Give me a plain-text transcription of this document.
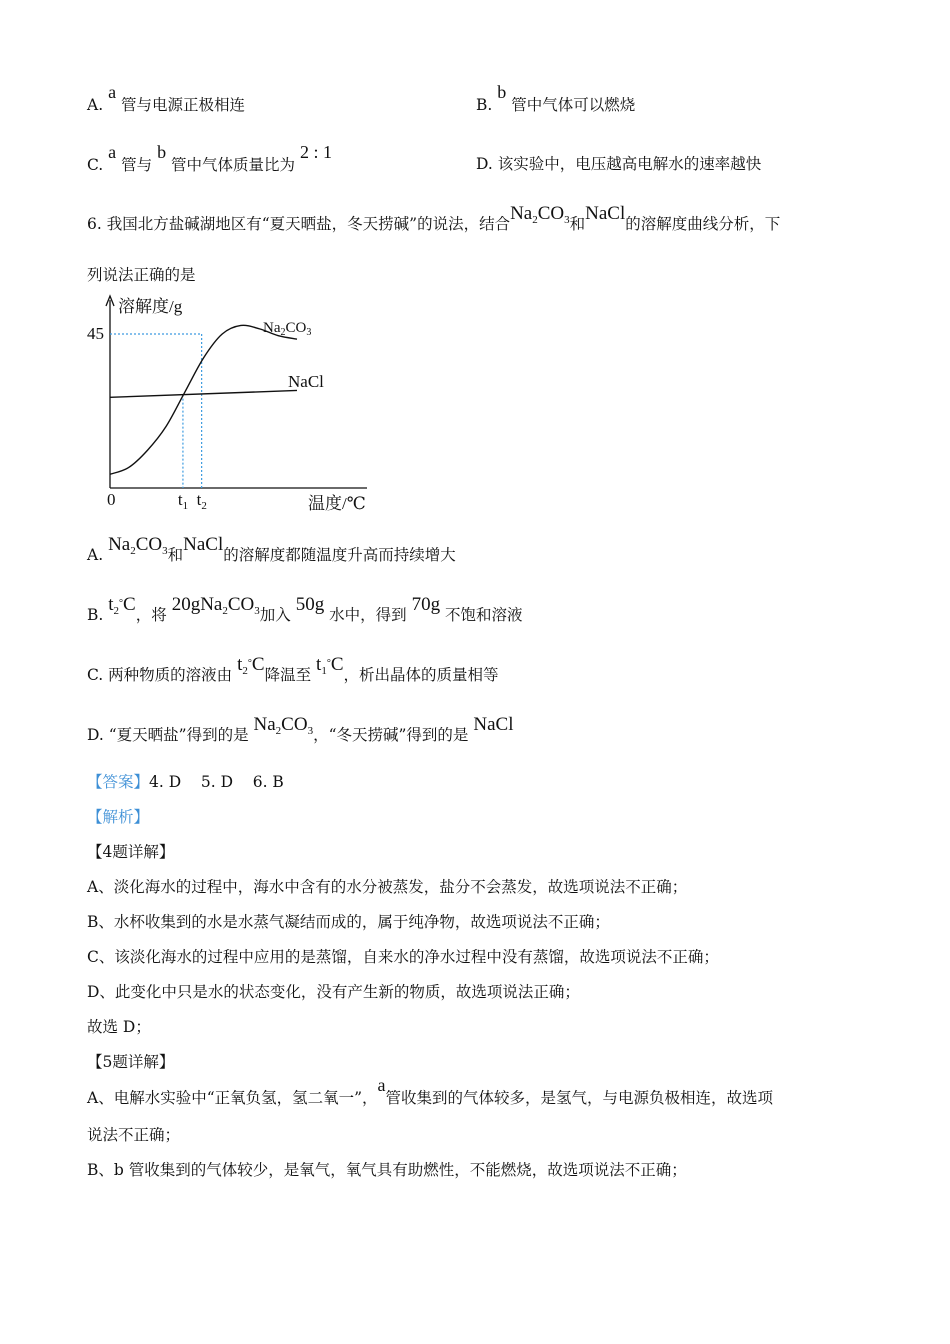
A. a 管与电源正极相连	B. b 管中气体可以燃烧
C. a 管与 b 管中气体质量比为 2 : 1
D. 该实验中，电压越高电解水的速率越快
6. 我国北方盐碱湖地区有“夏天晒盐，冬天捞碱”的说法，结合$Na_2CO_3$和NaCl的溶解度曲线分析，下
列说法正确的是
溶解度/g
温度/℃
0
45	$Na_2CO_3$
NaCl
$t_1$ $t_2$
A. $Na_2CO_3$和NaCl的溶解度都随温度升高而持续增大
B. $t_2^\circ C$，将 $20gNa_2CO_3$加入 50g 水中，得到 70g 不饱和溶液
C. 两种物质的溶液由 $t_2^\circ C$降温至 $t_1^\circ C$，析出晶体的质量相等
D. “夏天晒盐”得到的是 $Na_2CO_3$，“冬天捞碱”得到的是 NaCl
【答案】4. D    5. D    6. B
【解析】
【4题详解】
A、淡化海水的过程中，海水中含有的水分被蒸发，盐分不会蒸发，故选项说法不正确；
B、水杯收集到的水是水蒸气凝结而成的，属于纯净物，故选项说法不正确；
C、该淡化海水的过程中应用的是蒸馏，自来水的净水过程中没有蒸馏，故选项说法不正确；
D、此变化中只是水的状态变化，没有产生新的物质，故选项说法正确；
故选 D；
【5题详解】
A、电解水实验中“正氧负氢，氢二氧一”，a管收集到的气体较多，是氢气，与电源负极相连，故选项
说法不正确；
B、b 管收集到的气体较少，是氧气，氧气具有助燃性，不能燃烧，故选项说法不正确；
